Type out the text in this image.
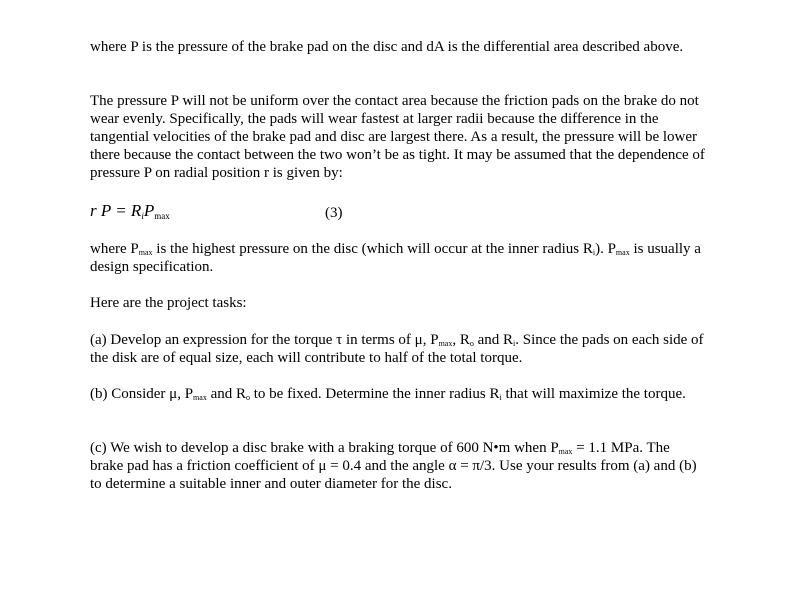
where P is the pressure of the brake pad on the disc and dA is the differential area described above.

The pressure P will not be uniform over the contact area because the friction pads on the brake do not wear evenly. Specifically, the pads will wear fastest at larger radii because the difference in the tangential velocities of the brake pad and disc are largest there. As a result, the pressure will be lower there because the contact between the two won’t be as tight. It may be assumed that the dependence of pressure P on radial position r is given by:

r P = RiPmax	(3)

where $P_{max}$ is the highest pressure on the disc (which will occur at the inner radius $R_i$). $P_{max}$ is usually a design specification.

Here are the project tasks:

(a) Develop an expression for the torque τ in terms of μ, $P_{max}$, $R_o$ and $R_i$. Since the pads on each side of the disk are of equal size, each will contribute to half of the total torque.

(b) Consider μ, $P_{max}$ and $R_o$ to be fixed. Determine the inner radius $R_i$ that will maximize the torque.

(c) We wish to develop a disc brake with a braking torque of 600 N•m when $P_{max} = 1.1$ MPa. The brake pad has a friction coefficient of μ = 0.4 and the angle α = π/3. Use your results from (a) and (b) to determine a suitable inner and outer diameter for the disc.
